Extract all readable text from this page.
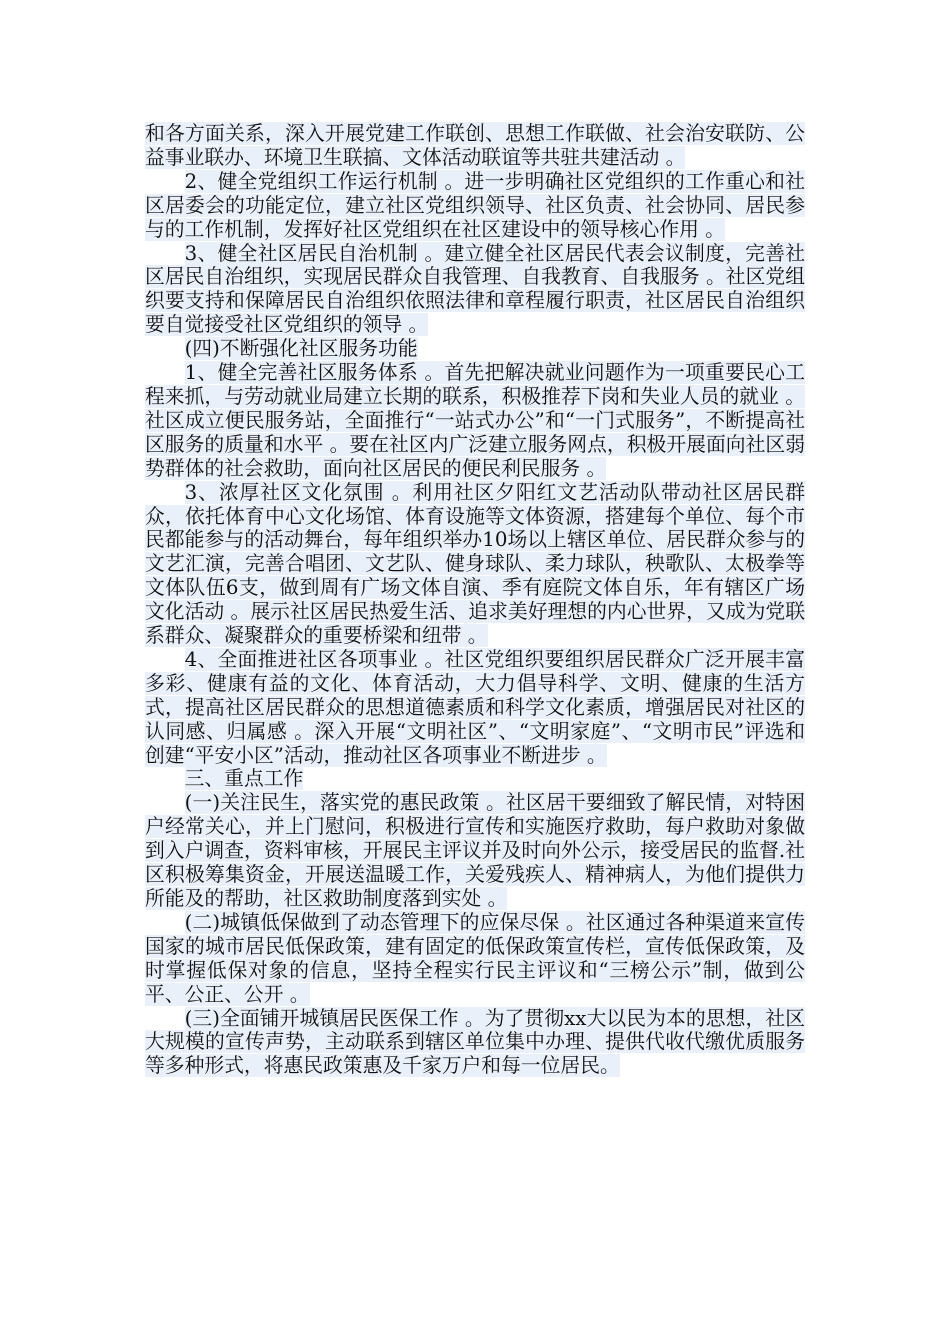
和各方面关系，深入开展党建工作联创、思想工作联做、社会治安联防、公益事业联办、环境卫生联搞、文体活动联谊等共驻共建活动 。

2、健全党组织工作运行机制 。进一步明确社区党组织的工作重心和社区居委会的功能定位，建立社区党组织领导、社区负责、社会协同、居民参与的工作机制，发挥好社区党组织在社区建设中的领导核心作用 。

3、健全社区居民自治机制 。建立健全社区居民代表会议制度，完善社区居民自治组织，实现居民群众自我管理、自我教育、自我服务 。社区党组织要支持和保障居民自治组织依照法律和章程履行职责，社区居民自治组织要自觉接受社区党组织的领导 。

(四)不断强化社区服务功能

1、健全完善社区服务体系 。首先把解决就业问题作为一项重要民心工程来抓，与劳动就业局建立长期的联系，积极推荐下岗和失业人员的就业 。社区成立便民服务站，全面推行“一站式办公”和“一门式服务”，不断提高社区服务的质量和水平 。要在社区内广泛建立服务网点，积极开展面向社区弱势群体的社会救助，面向社区居民的便民利民服务 。

3、浓厚社区文化氛围 。利用社区夕阳红文艺活动队带动社区居民群众，依托体育中心文化场馆、体育设施等文体资源，搭建每个单位、每个市民都能参与的活动舞台，每年组织举办10场以上辖区单位、居民群众参与的文艺汇演，完善合唱团、文艺队、健身球队、柔力球队，秧歌队、太极拳等文体队伍6支，做到周有广场文体自演、季有庭院文体自乐，年有辖区广场文化活动 。展示社区居民热爱生活、追求美好理想的内心世界，又成为党联系群众、凝聚群众的重要桥梁和纽带 。

4、全面推进社区各项事业 。社区党组织要组织居民群众广泛开展丰富多彩、健康有益的文化、体育活动，大力倡导科学、文明、健康的生活方式，提高社区居民群众的思想道德素质和科学文化素质，增强居民对社区的认同感、归属感 。深入开展“文明社区”、“文明家庭”、“文明市民”评选和创建“平安小区”活动，推动社区各项事业不断进步 。

三、重点工作

(一)关注民生，落实党的惠民政策 。社区居干要细致了解民情，对特困户经常关心，并上门慰问，积极进行宣传和实施医疗救助，每户救助对象做到入户调查，资料审核，开展民主评议并及时向外公示，接受居民的监督.社区积极筹集资金，开展送温暖工作，关爱残疾人、精神病人，为他们提供力所能及的帮助，社区救助制度落到实处 。

(二)城镇低保做到了动态管理下的应保尽保 。社区通过各种渠道来宣传国家的城市居民低保政策，建有固定的低保政策宣传栏，宣传低保政策，及时掌握低保对象的信息，坚持全程实行民主评议和“三榜公示”制，做到公平、公正、公开 。

(三)全面铺开城镇居民医保工作 。为了贯彻xx大以民为本的思想，社区大规模的宣传声势，主动联系到辖区单位集中办理、提供代收代缴优质服务等多种形式，将惠民政策惠及千家万户和每一位居民。
